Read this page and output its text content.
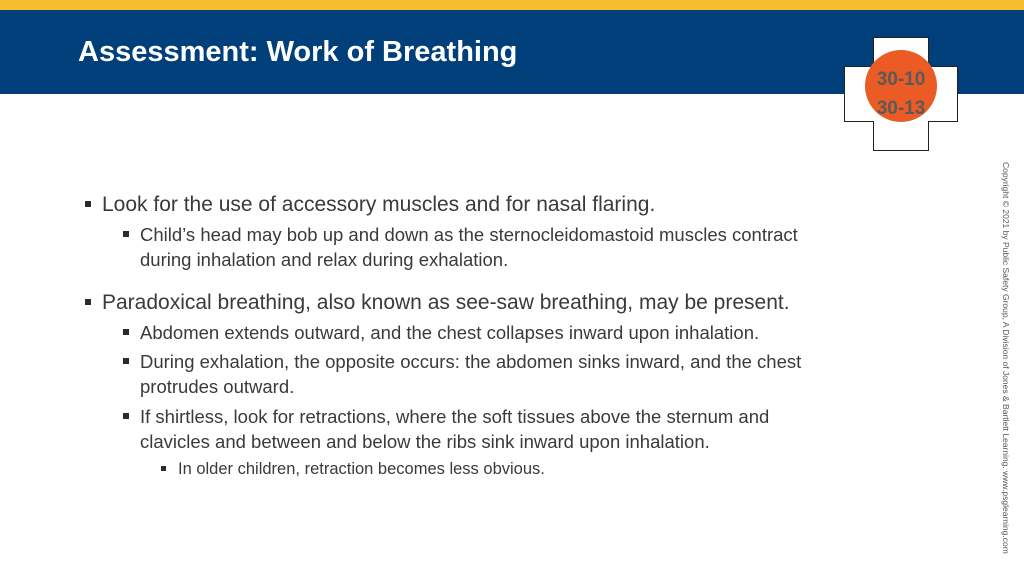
Assessment: Work of Breathing
30-10
30-13
Look for the use of accessory muscles and for nasal flaring.
Child’s head may bob up and down as the sternocleidomastoid muscles contract
during inhalation and relax during exhalation.
Paradoxical breathing, also known as see-saw breathing, may be present.
Abdomen extends outward, and the chest collapses inward upon inhalation.
During exhalation, the opposite occurs: the abdomen sinks inward, and the chest
protrudes outward.
If shirtless, look for retractions, where the soft tissues above the sternum and
clavicles and between and below the ribs sink inward upon inhalation.
In older children, retraction becomes less obvious.	Copyright © 2021 by Public Safety Group, A Division of Jones & Bartlett Learning. www.psglearning.com
